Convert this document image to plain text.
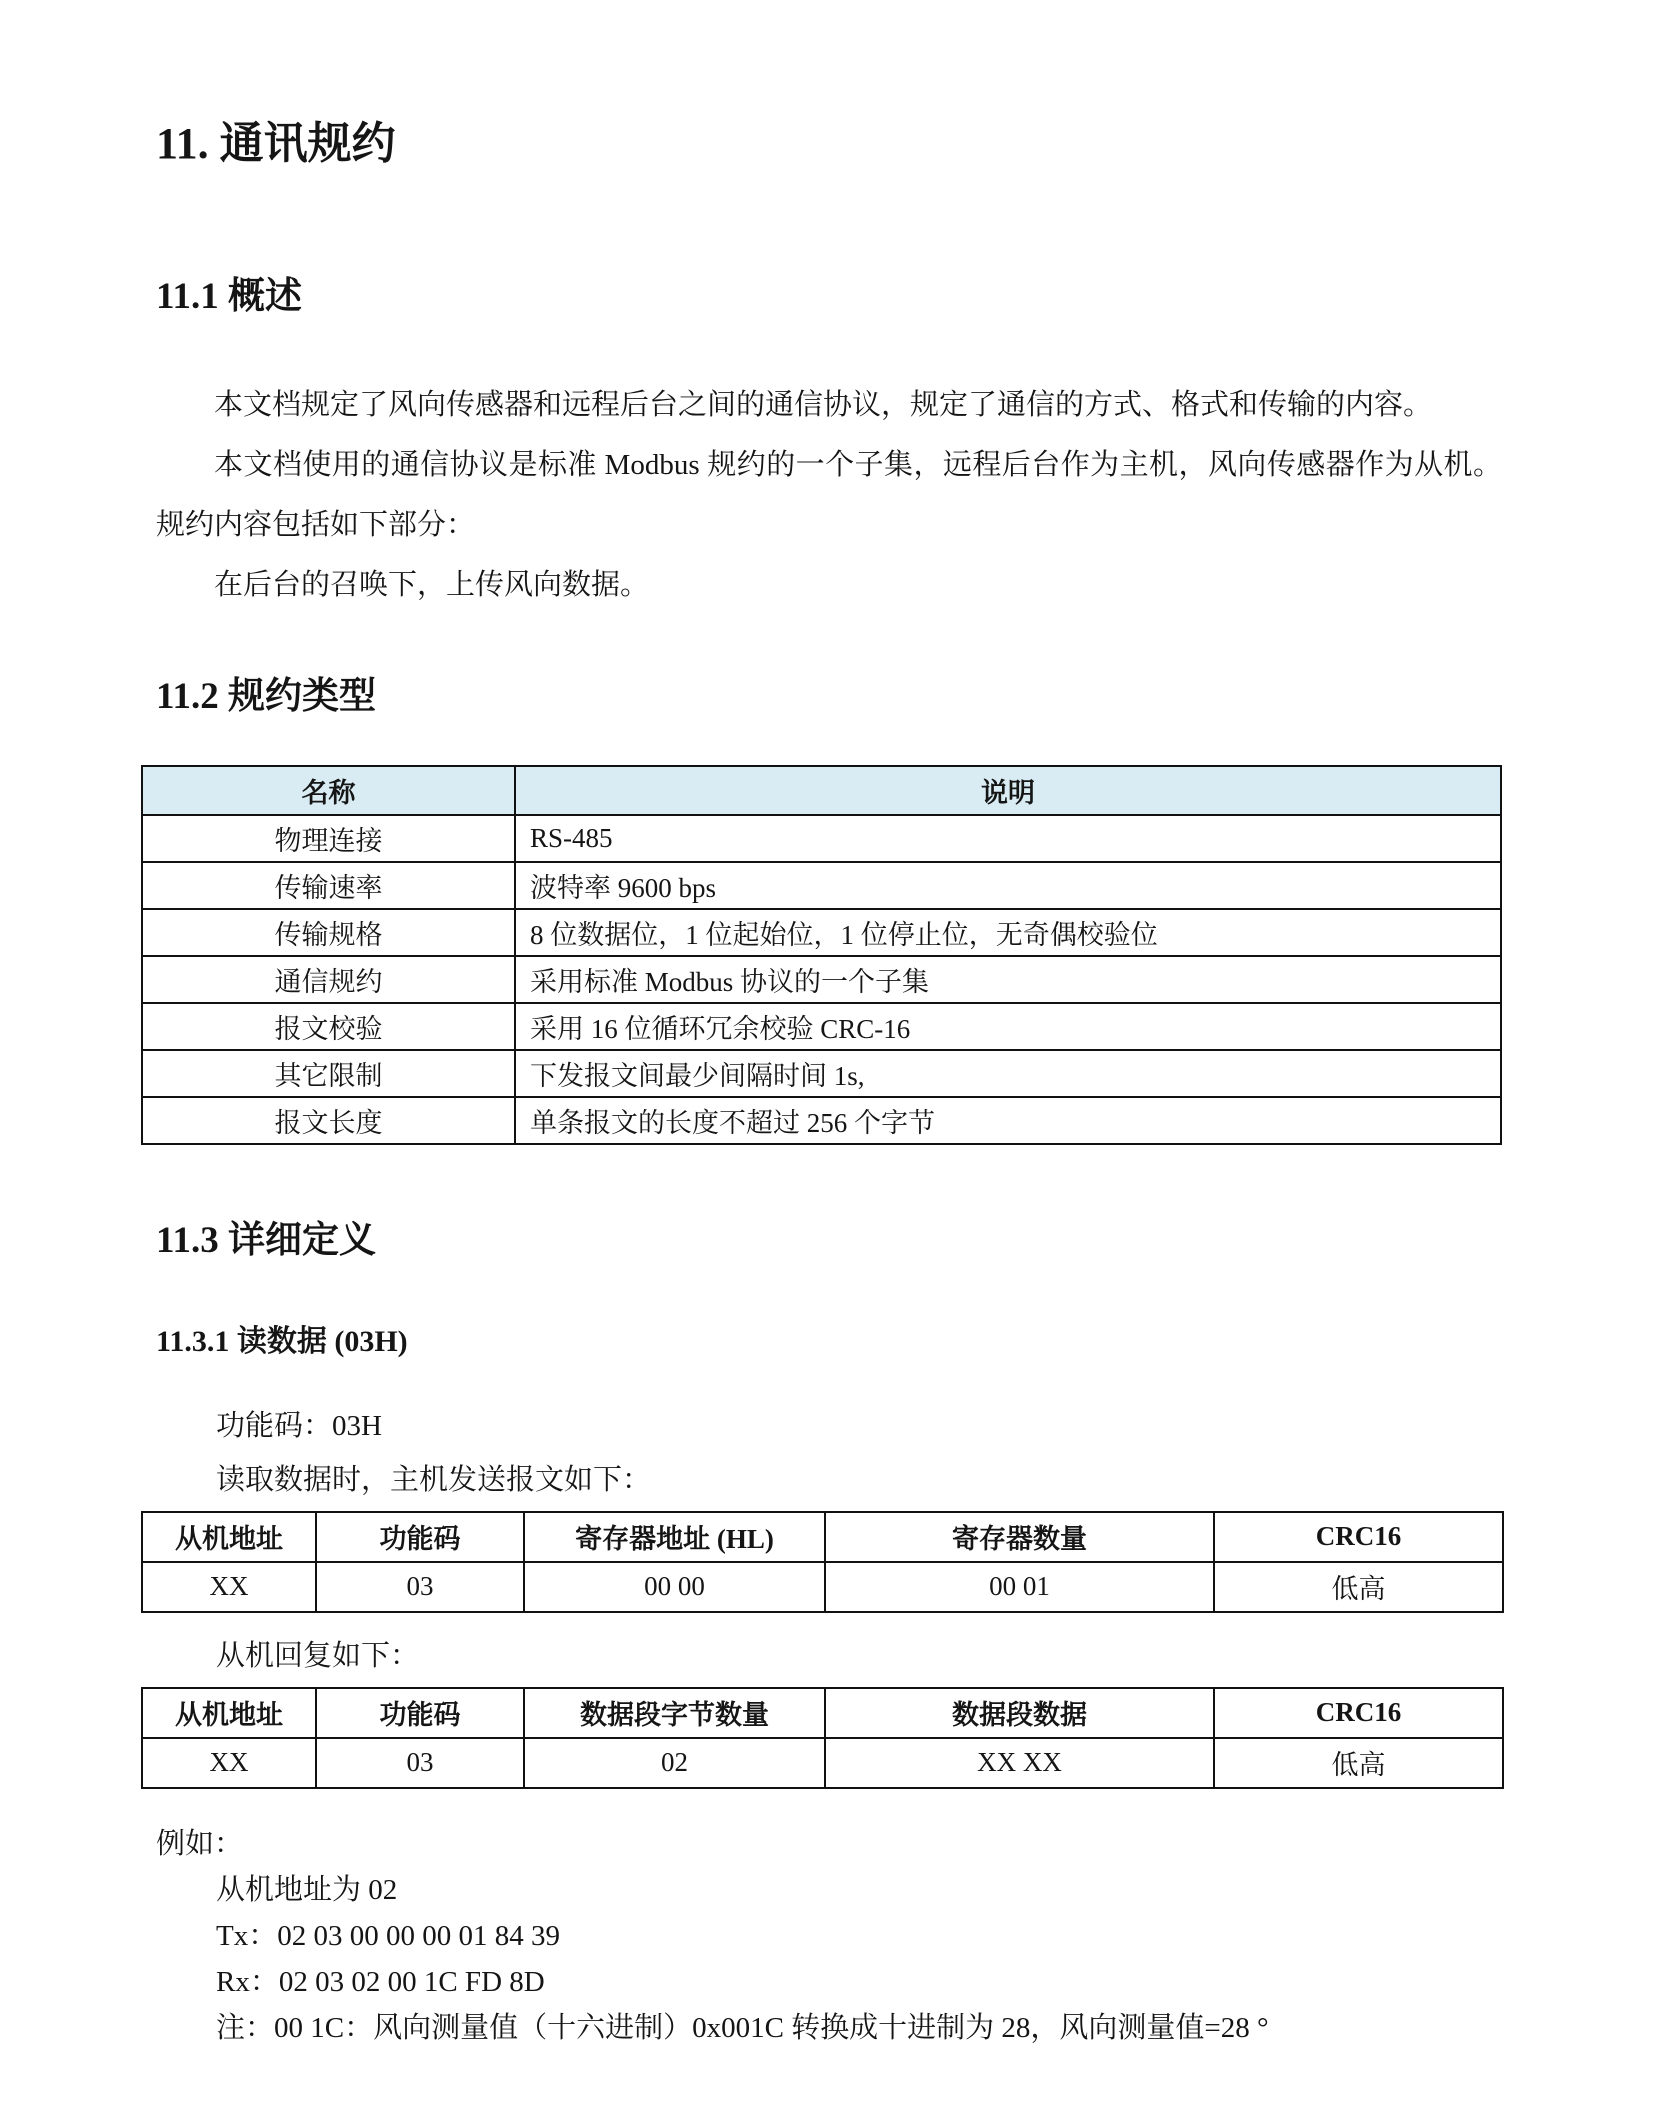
11. 通讯规约
11.1 概述

本文档规定了风向传感器和远程后台之间的通信协议，规定了通信的方式、格式和传输的内容。

本文档使用的通信协议是标准 Modbus 规约的一个子集，远程后台作为主机，风向传感器作为从机。规约内容包括如下部分：

在后台的召唤下，上传风向数据。

11.2 规约类型
名称	说明
物理连接	RS-485
传输速率	波特率 9600 bps
传输规格	8 位数据位，1 位起始位，1 位停止位，无奇偶校验位
通信规约	采用标准 Modbus 协议的一个子集
报文校验	采用 16 位循环冗余校验 CRC-16
其它限制	下发报文间最少间隔时间 1s,
报文长度	单条报文的长度不超过 256 个字节
11.3 详细定义
11.3.1 读数据 (03H)

功能码：03H

读取数据时，主机发送报文如下：

从机地址	功能码	寄存器地址 (HL)	寄存器数量	CRC16
XX	03	00 00	00 01	低高

从机回复如下：

从机地址	功能码	数据段字节数量	数据段数据	CRC16
XX	03	02	XX XX	低高

例如：

从机地址为 02

Tx：02 03 00 00 00 01 84 39

Rx：02 03 02 00 1C FD 8D

注：00 1C：风向测量值（十六进制）0x001C 转换成十进制为 28，风向测量值=28 °
